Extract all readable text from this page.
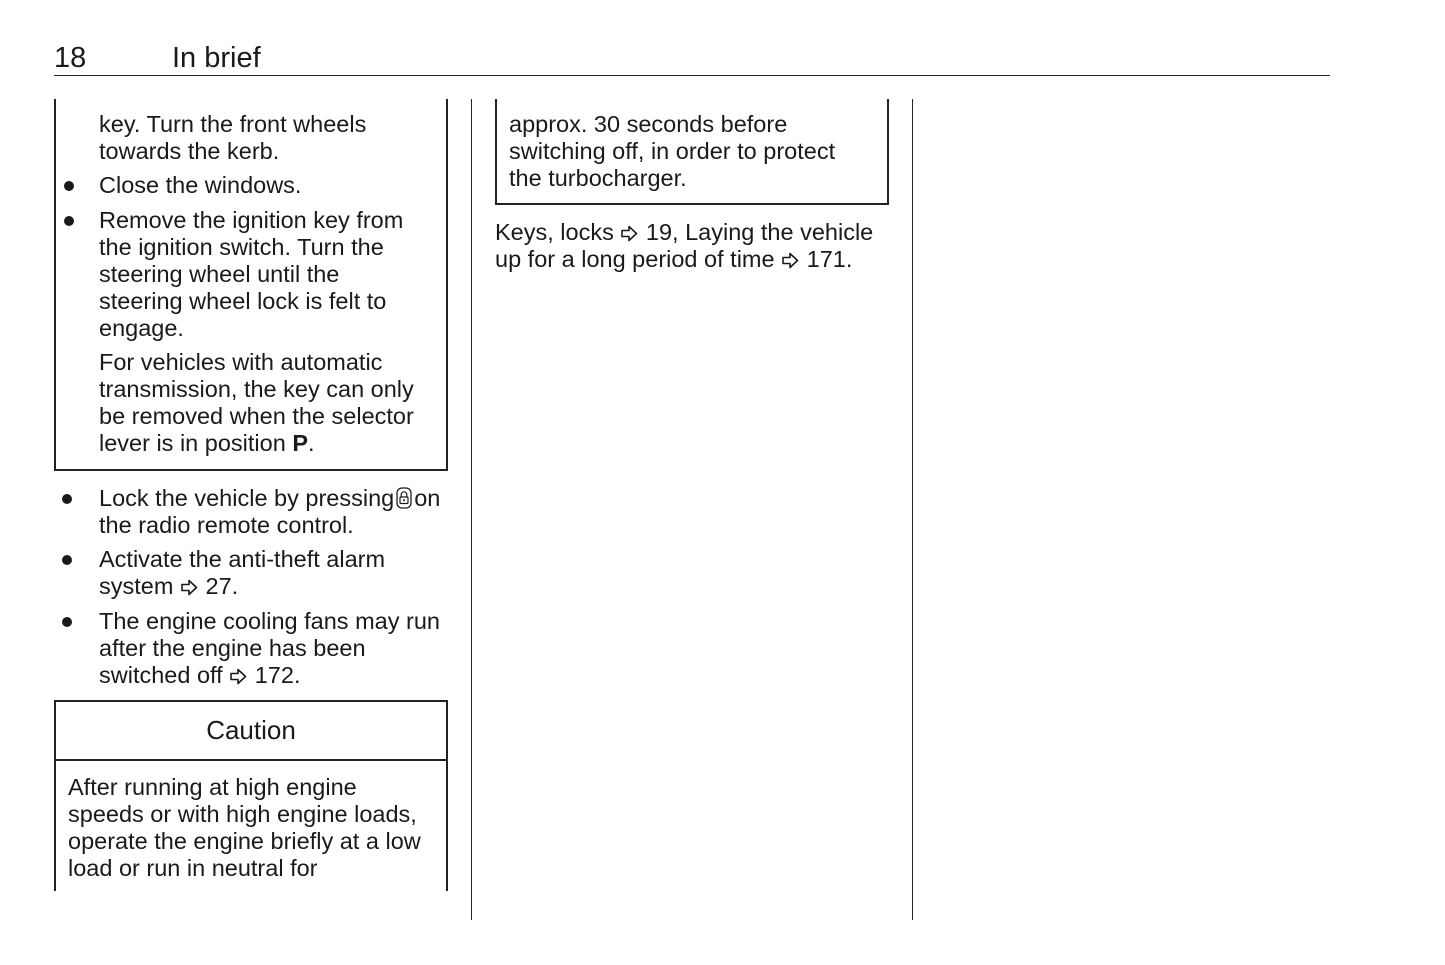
18	In brief
key. Turn the front wheels
towards the kerb.
Close the windows.
Remove the ignition key from
the ignition switch. Turn the
steering wheel until the
steering wheel lock is felt to
engage.
For vehicles with automatic
transmission, the key can only
be removed when the selector
lever is in position P.
Lock the vehicle by pressing on
the radio remote control.
Activate the anti-theft alarm
system 27.
The engine cooling fans may run
after the engine has been
switched off 172.
Caution
After running at high engine
speeds or with high engine loads,
operate the engine briefly at a low
load or run in neutral for
approx. 30 seconds before
switching off, in order to protect
the turbocharger.
Keys, locks 19, Laying the vehicle
up for a long period of time 171.
